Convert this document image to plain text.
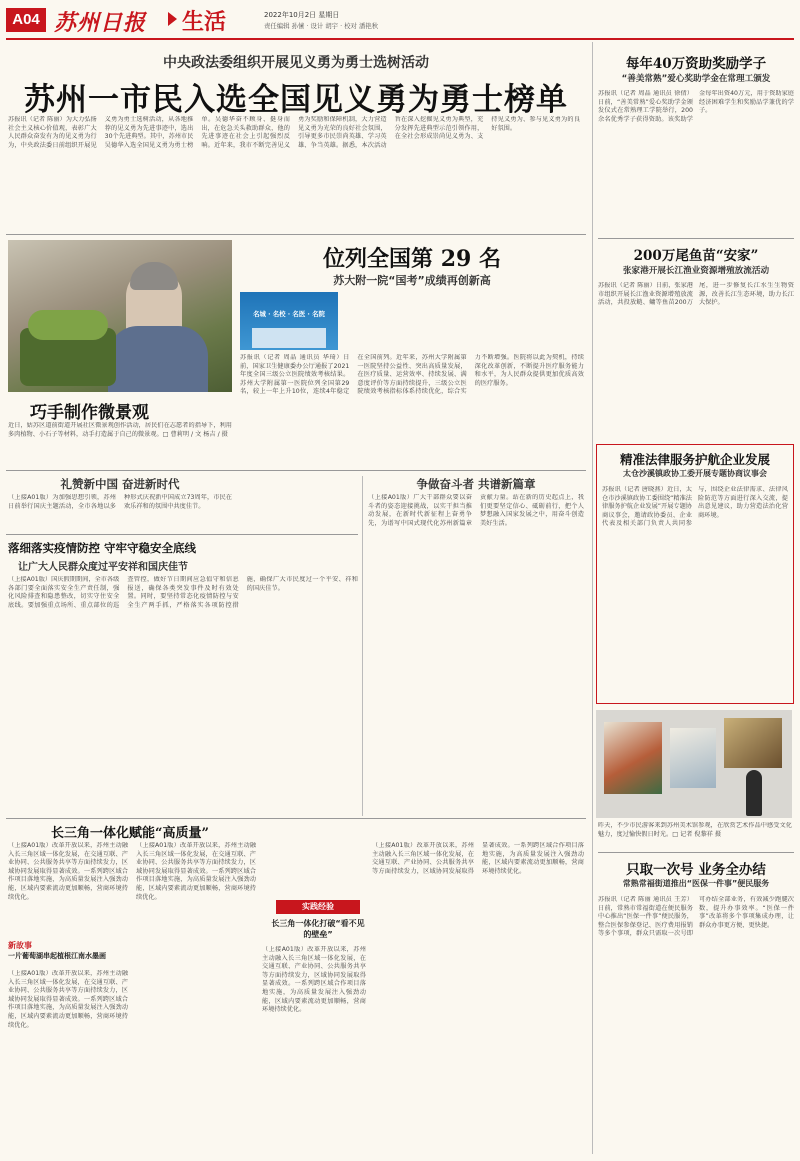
A04 苏州日报 生活	2022年10月2日 星期日
责任编辑 孙愫 · 设计 胡宇 · 校对 潘艳秋
中央政法委组织开展见义勇为勇士选树活动
苏州一市民入选全国见义勇为勇士榜单
苏报讯（记者 陈丽）为大力弘扬社会主义核心价值观，表彰广大人民群众奋发有为的见义勇为行为，中央政法委日前组织开展见义勇为勇士选树活动，从各地推荐的见义勇为先进事迹中，选出30个先进典型。其中，苏州市民吴德华入选全国见义勇为勇士榜单。吴德华奋不顾身、挺身而出，在危急关头救助群众，他的先进事迹在社会上引起强烈反响。近年来，我市不断完善见义勇为奖励和保障机制，大力营造见义勇为光荣的良好社会氛围，引导更多市民崇尚英雄、学习英雄、争当英雄。据悉，本次活动旨在深入挖掘见义勇为典型，充分发挥先进典型示范引领作用，在全社会形成崇尚见义勇为、支持见义勇为、参与见义勇为的良好氛围。
位列全国第 29 名
苏大附一院“国考”成绩再创新高
巧手制作微景观
近日，姑苏区道前街道开展社区微景观创作活动，居民们在志愿者的指导下，利用多肉植物、小石子等材料，动手打造属于自己的微景观。□ 曹莉明 / 文 杨吉 / 摄
名城 · 名校 · 名医 · 名院
苏报讯（记者 周晶 通讯员 华琦）日前，国家卫生健康委办公厅通报了2021年度全国三级公立医院绩效考核结果。苏州大学附属第一医院位列全国第29名，较上一年上升10位，连续4年稳定在全国前列。近年来，苏州大学附属第一医院坚持公益性、突出高质量发展，在医疗质量、运营效率、持续发展、满意度评价等方面持续提升，三级公立医院绩效考核指标体系持续优化，综合实力不断增强。医院将以此为契机，持续深化改革创新，不断提升医疗服务能力和水平，为人民群众提供更加优质高效的医疗服务。
礼赞新中国 奋进新时代
（上接A01版）为加强思想引领，苏州日前举行国庆主题活动，全市各地以多种形式庆祝新中国成立73周年，市民在欢乐祥和的氛围中共度佳节。
落细落实疫情防控 守牢守稳安全底线
让广大人民群众度过平安祥和国庆佳节
（上接A01版）国庆假期期间，全市各级各部门要全面落实安全生产责任制，强化风险排查和隐患整改，切实守住安全底线。要加强重点场所、重点部位的巡查管控，做好节日期间应急值守和信息报送，确保各类突发事件及时有效处置。同时，要坚持常态化疫情防控与安全生产两手抓，严格落实各项防控措施，确保广大市民度过一个平安、祥和的国庆佳节。
争做奋斗者 共谱新篇章
（上接A01版）广大干部群众要以奋斗者的姿态迎接挑战，以实干担当推动发展，在新时代新征程上奋勇争先，为谱写中国式现代化苏州新篇章贡献力量。站在新的历史起点上，我们更要坚定信心、砥砺前行，把个人梦想融入国家发展之中，用奋斗创造美好生活。
长三角一体化赋能“高质量”
（上接A01版）改革开放以来，苏州主动融入长三角区域一体化发展，在交通互联、产业协同、公共服务共享等方面持续发力，区域协同发展取得显著成效。一系列跨区域合作项目落地实施，为高质量发展注入强劲动能，区域内要素流动更加顺畅，营商环境持续优化。
新故事
一片葡萄湖串起植根江南水墨画
（上接A01版）改革开放以来，苏州主动融入长三角区域一体化发展，在交通互联、产业协同、公共服务共享等方面持续发力，区域协同发展取得显著成效。一系列跨区域合作项目落地实施，为高质量发展注入强劲动能，区域内要素流动更加顺畅，营商环境持续优化。
实践经验
长三角一体化打破“看不见的壁垒”
（上接A01版）改革开放以来，苏州主动融入长三角区域一体化发展，在交通互联、产业协同、公共服务共享等方面持续发力，区域协同发展取得显著成效。一系列跨区域合作项目落地实施，为高质量发展注入强劲动能，区域内要素流动更加顺畅，营商环境持续优化。
（上接A01版）改革开放以来，苏州主动融入长三角区域一体化发展，在交通互联、产业协同、公共服务共享等方面持续发力，区域协同发展取得显著成效。一系列跨区域合作项目落地实施，为高质量发展注入强劲动能，区域内要素流动更加顺畅，营商环境持续优化。
（上接A01版）改革开放以来，苏州主动融入长三角区域一体化发展，在交通互联、产业协同、公共服务共享等方面持续发力，区域协同发展取得显著成效。一系列跨区域合作项目落地实施，为高质量发展注入强劲动能，区域内要素流动更加顺畅，营商环境持续优化。
每年40万资助奖励学子
“善美常熟”爱心奖助学金在常理工颁发
苏报讯（记者 周晶 通讯员 徐倩）日前，“善美常熟”爱心奖助学金颁发仪式在常熟理工学院举行，200余名优秀学子获得资助。该奖助学金每年出资40万元，用于资助家庭经济困难学生和奖励品学兼优的学子。
200万尾鱼苗“安家”
张家港开展长江渔业资源增殖放流活动
苏报讯（记者 陈丽）日前，张家港市组织开展长江渔业资源增殖放流活动，共投放鲢、鳙等鱼苗200万尾，进一步修复长江水生生物资源，改善长江生态环境，助力长江大保护。
精准法律服务护航企业发展
太仓沙溪镇政协工委开展专题协商议事会
苏报讯（记者 唐晓燕）近日，太仓市沙溪镇政协工委围绕“精准法律服务护航企业发展”开展专题协商议事会，邀请政协委员、企业代表及相关部门负责人共同参与，围绕企业法律需求、法律风险防范等方面进行深入交流，提出意见建议，助力营造法治化营商环境。
昨天，不少市民游客来到苏州美术馆参观，在欣赏艺术作品中感受文化魅力，度过愉快假日时光。□ 记者 倪黎祥 摄
只取一次号 业务全办结
常熟常福街道推出“医保一件事”便民服务
苏报讯（记者 陈丽 通讯员 王芳）日前，常熟市常福街道在便民服务中心推出“医保一件事”便民服务，整合医保参保登记、医疗费用报销等多个事项，群众只需取一次号即可办结全部业务，有效减少跑腿次数，提升办事效率。“医保一件事”改革将多个事项集成办理，让群众办事更方便、更快捷。
